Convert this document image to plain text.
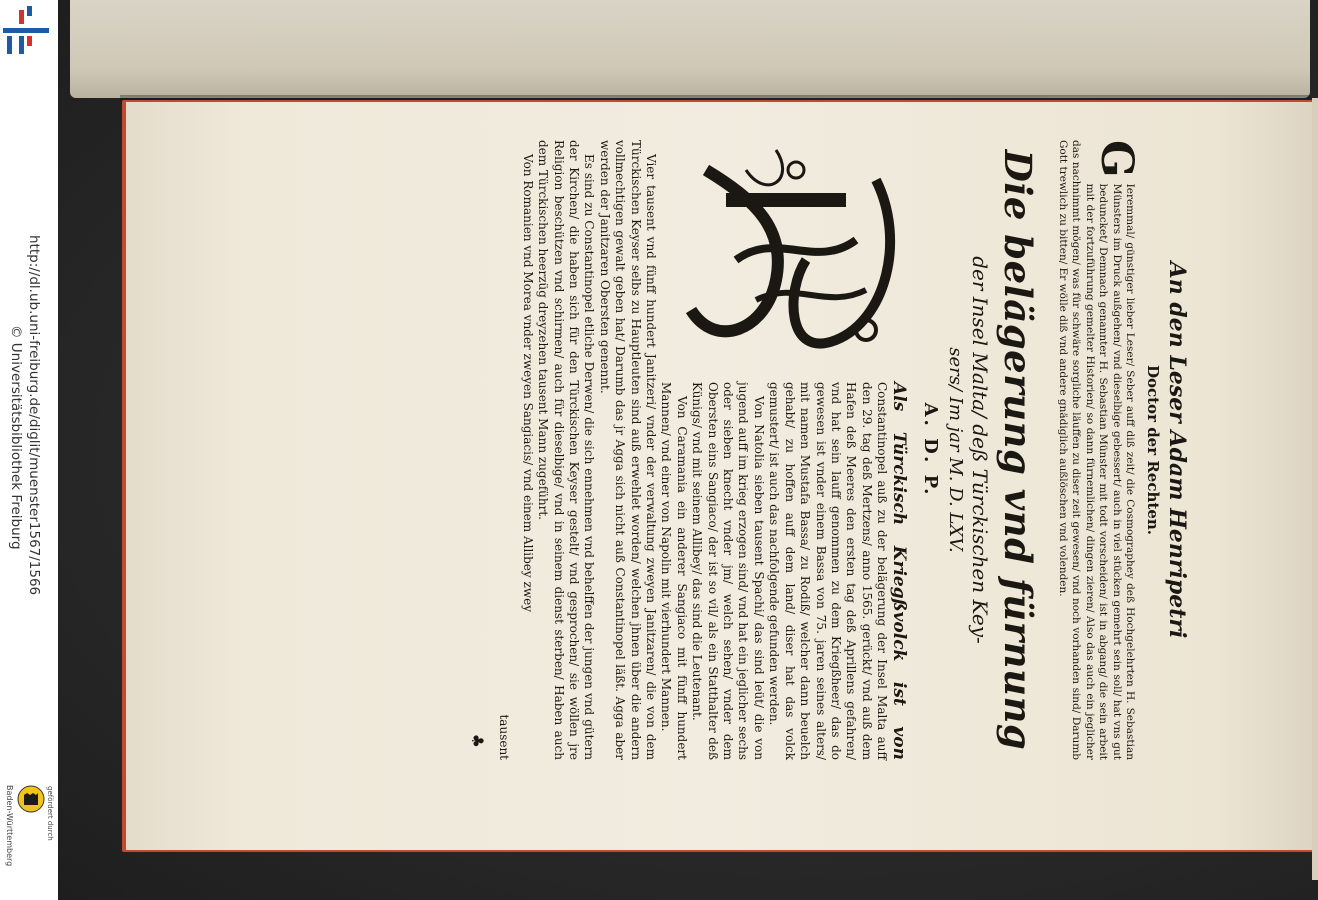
http://dl.ub.uni-freiburg.de/diglit/muenster1567/1566
© Universitätsbibliothek Freiburg
Baden-Württemberg	gefördert durch
An den Leser Adam Henripetri
Doctor der Rechten.

G
Ieremmal/ günstiger lieber Leser/ Seber auff diß zeit/ die Cosmographey deß Hochgelehrten H. Sebastian Münsters im Druck außgehen/ vnd dieselbige gebessert/ auch in viel stücken gemehrt sein soll/ hat vns gut beduncket/ Demnach genannter H. Sebastian Münster mit todt vorscheiden/ ist in abgang/ die sein arbeit mit der fortzuführung gemelter Historien/ so dann fürnemlichen/ dingen zieren/ Also das auch ein jeglicher das nachnimmt mögen/ was für schwäre sorgliche läuffen zu diser zeit gewesen/ vnd noch vorhanden sind/ Darumb Gott trewlich zu bitten/ Er wölle diß vnd andere gnädiglich außlöschen vnd volenden.

Die belägerung vnd fürnung
der Insel Malta/ deß Türckischen Key-
sers/ Im jar M. D. LXV.
A. D. P.

Als Türckisch Kriegßvolck ist von Constantinopel auß zu der belägerung der Insel Malta auff den 29. tag deß Mertzens/ anno 1565. gerückt/ vnd auß dem Hafen deß Meeres den ersten tag deß Aprillens gefahren/ vnd hat sein lauff genommen zu dem Kriegßheer/ das do gewesen ist vnder einem Bassa von 75. jaren seines alters/ mit namen Mustafa Bassa/ zu Rodiß/ welcher dann beuelch gehabt/ zu hoffen auff dem land/ diser hat das volck gemustert/ ist auch das nachfolgende gefunden werden.

Von Natolia sieben tausent Spachi/ das sind leüt/ die von jugend auff im krieg erzogen sind/ vnd hat ein jeglicher sechs oder sieben knecht vnder jm/ welch sehen/ vnder dem Obersten eins Sangiaco/ der ist so vil/ als ein Statthalter deß Künigs/ vnd mit seinem Allibey/ das sind die Leutenant.

Von Caramania ein anderer Sangiaco mit fünff hundert Mannen/ vnd einer von Napolin mit vierhundert Mannen.

Vier tausent vnd fünff hundert Janitzeri/ vnder der verwaltung zweyen Janitzaren/ die von dem Türckischen Keyser selbs zu Hauptleuten sind auß erwehlet worden/ welchen jhnen über die andern vollmechtigen gewalt geben hat/ Darumb das jr Agga sich nicht auß Constantinopel läßt. Agga aber werden der Janitzaren Obersten genennt.

Es sind zu Constantinopel etliche Derwen/ die sich ennehmen vnd behelffen der jungen vnd gütern der Kirchen/ die haben sich für den Türckischen Keyser gestelt/ vnd gesprochen/ sie wöllen jre Religion beschützen vnd schirmen/ auch für dieselbige/ vnd in seinem dienst sterben/ Haben auch dem Türckischen heerzüg dreyzehen tausent Mann zugeführt.

Von Romanien vnd Morea vnder zweyen Sangiacis/ vnd einem Allibey zwey

tausent
♣
